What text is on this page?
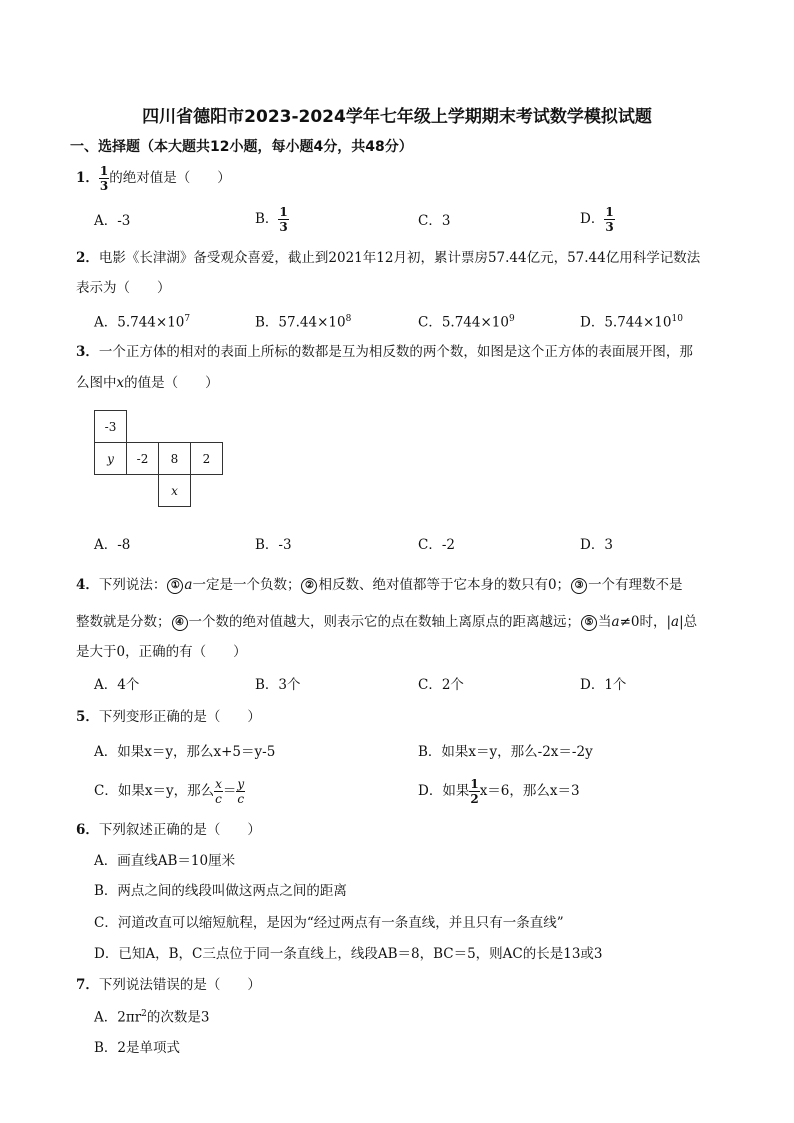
四川省德阳市2023-2024学年七年级上学期期末考试数学模拟试题
一、选择题（本大题共12小题，每小题4分，共48分）
1． $\frac{1}{3}$ 的绝对值是（　　）
A．-3	B． $\frac{1}{3}$	C．3	D． $\frac{1}{3}$
2．电影《长津湖》备受观众喜爱，截止到2021年12月初，累计票房57.44亿元，57.44亿用科学记数法
表示为（　　）
A．$5.744\times 10^7$	B．$57.44\times 10^8$	C．$5.744\times 10^9$	D．$5.744\times 10^{10}$
3．一个正方体的相对的表面上所标的数都是互为相反数的两个数，如图是这个正方体的表面展开图，那
么图中x的值是（　　）
-3
y	-2	8	2
x
A．-8	B．-3	C．-2	D．3
4．下列说法： ① a一定是一个负数； ② 相反数、绝对值都等于它本身的数只有0； ③ 一个有理数不是
整数就是分数； ④ 一个数的绝对值越大，则表示它的点在数轴上离原点的距离越远； ⑤ 当a≠0时，|a|总
是大于0，正确的有（　　）
A．4个	B．3个	C．2个	D．1个
5．下列变形正确的是（　　）
A．如果x＝y，那么x+5＝y-5	B．如果x＝y，那么-2x＝-2y
C．如果x＝y，那么 $\frac{x}{c} = \frac{y}{c}$	D．如果 $\frac{1}{2} x=6$，那么x＝3
6．下列叙述正确的是（　　）
A．画直线AB＝10厘米
B．两点之间的线段叫做这两点之间的距离
C．河道改直可以缩短航程，是因为“经过两点有一条直线，并且只有一条直线”
D．已知A，B，C三点位于同一条直线上，线段AB＝8，BC＝5，则AC的长是13或3
7．下列说法错误的是（　　）
A．$2\pi r^2$的次数是3
B．2是单项式
